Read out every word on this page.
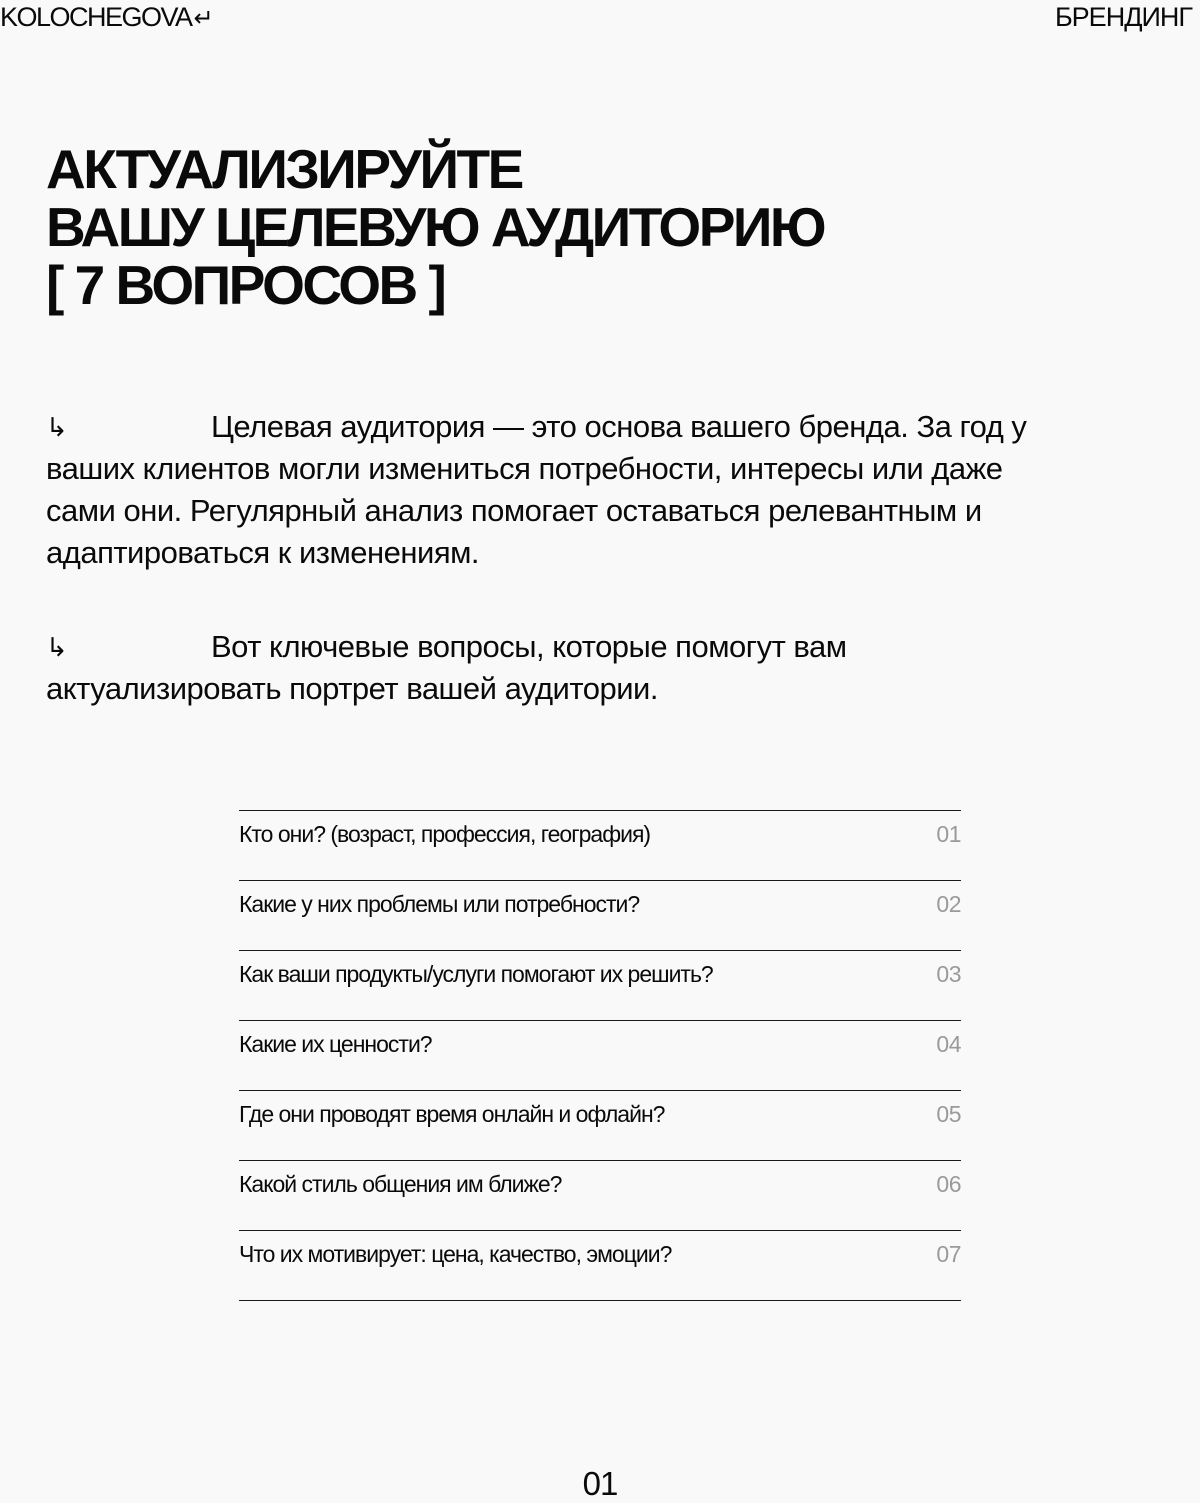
KOLOCHEGOVA↵	БРЕНДИНГ
АКТУАЛИЗИРУЙТЕ
ВАШУ ЦЕЛЕВУЮ АУДИТОРИЮ
[ 7 ВОПРОСОВ ]

↳	Целевая аудитория — это основа вашего бренда. За год у ваших клиентов могли измениться потребности, интересы или даже сами они. Регулярный анализ помогает оставаться релевантным и адаптироваться к изменениям.

↳	Вот ключевые вопросы, которые помогут вам актуализировать портрет вашей аудитории.

Кто они? (возраст, профессия, география)	01
Какие у них проблемы или потребности?	02
Как ваши продукты/услуги помогают их решить?	03
Какие их ценности?	04
Где они проводят время онлайн и офлайн?	05
Какой стиль общения им ближе?	06
Что их мотивирует: цена, качество, эмоции?	07
01
